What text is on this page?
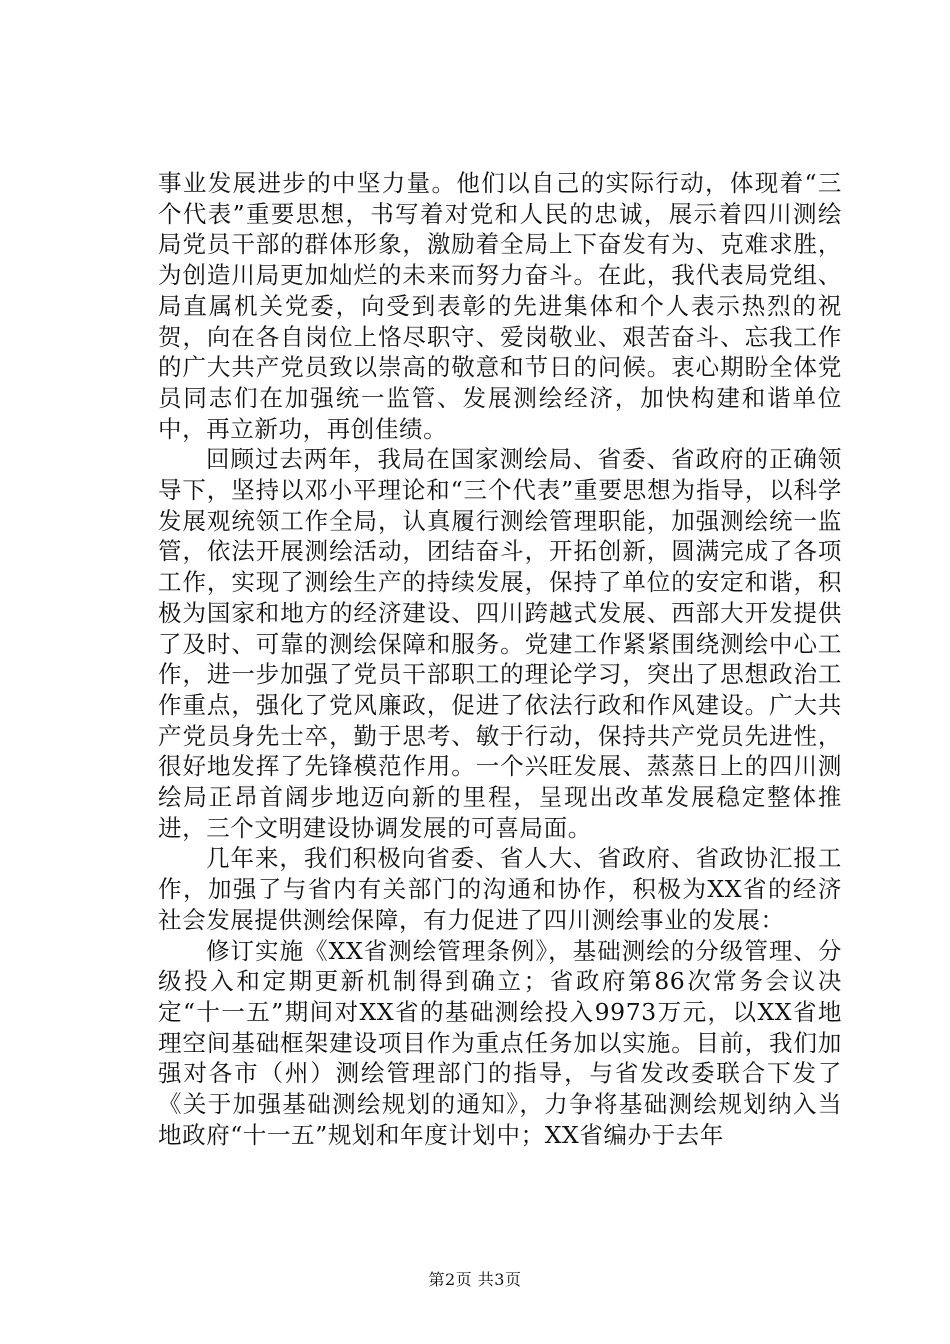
事业发展进步的中坚力量。他们以自己的实际行动，体现着“三个代表”重要思想，书写着对党和人民的忠诚，展示着四川测绘局党员干部的群体形象，激励着全局上下奋发有为、克难求胜，为创造川局更加灿烂的未来而努力奋斗。在此，我代表局党组、局直属机关党委，向受到表彰的先进集体和个人表示热烈的祝贺，向在各自岗位上恪尽职守、爱岗敬业、艰苦奋斗、忘我工作的广大共产党员致以崇高的敬意和节日的问候。衷心期盼全体党员同志们在加强统一监管、发展测绘经济，加快构建和谐单位中，再立新功，再创佳绩。

回顾过去两年，我局在国家测绘局、省委、省政府的正确领导下，坚持以邓小平理论和“三个代表”重要思想为指导，以科学发展观统领工作全局，认真履行测绘管理职能，加强测绘统一监管，依法开展测绘活动，团结奋斗，开拓创新，圆满完成了各项工作，实现了测绘生产的持续发展，保持了单位的安定和谐，积极为国家和地方的经济建设、四川跨越式发展、西部大开发提供了及时、可靠的测绘保障和服务。党建工作紧紧围绕测绘中心工作，进一步加强了党员干部职工的理论学习，突出了思想政治工作重点，强化了党风廉政，促进了依法行政和作风建设。广大共产党员身先士卒，勤于思考、敏于行动，保持共产党员先进性，很好地发挥了先锋模范作用。一个兴旺发展、蒸蒸日上的四川测绘局正昂首阔步地迈向新的里程，呈现出改革发展稳定整体推进，三个文明建设协调发展的可喜局面。

几年来，我们积极向省委、省人大、省政府、省政协汇报工作，加强了与省内有关部门的沟通和协作，积极为XX省的经济社会发展提供测绘保障，有力促进了四川测绘事业的发展：

修订实施《XX省测绘管理条例》，基础测绘的分级管理、分级投入和定期更新机制得到确立；省政府第86次常务会议决定“十一五”期间对XX省的基础测绘投入9973万元，以XX省地理空间基础框架建设项目作为重点任务加以实施。目前，我们加强对各市（州）测绘管理部门的指导，与省发改委联合下发了《关于加强基础测绘规划的通知》，力争将基础测绘规划纳入当地政府“十一五”规划和年度计划中；XX省编办于去年

第2页 共3页
